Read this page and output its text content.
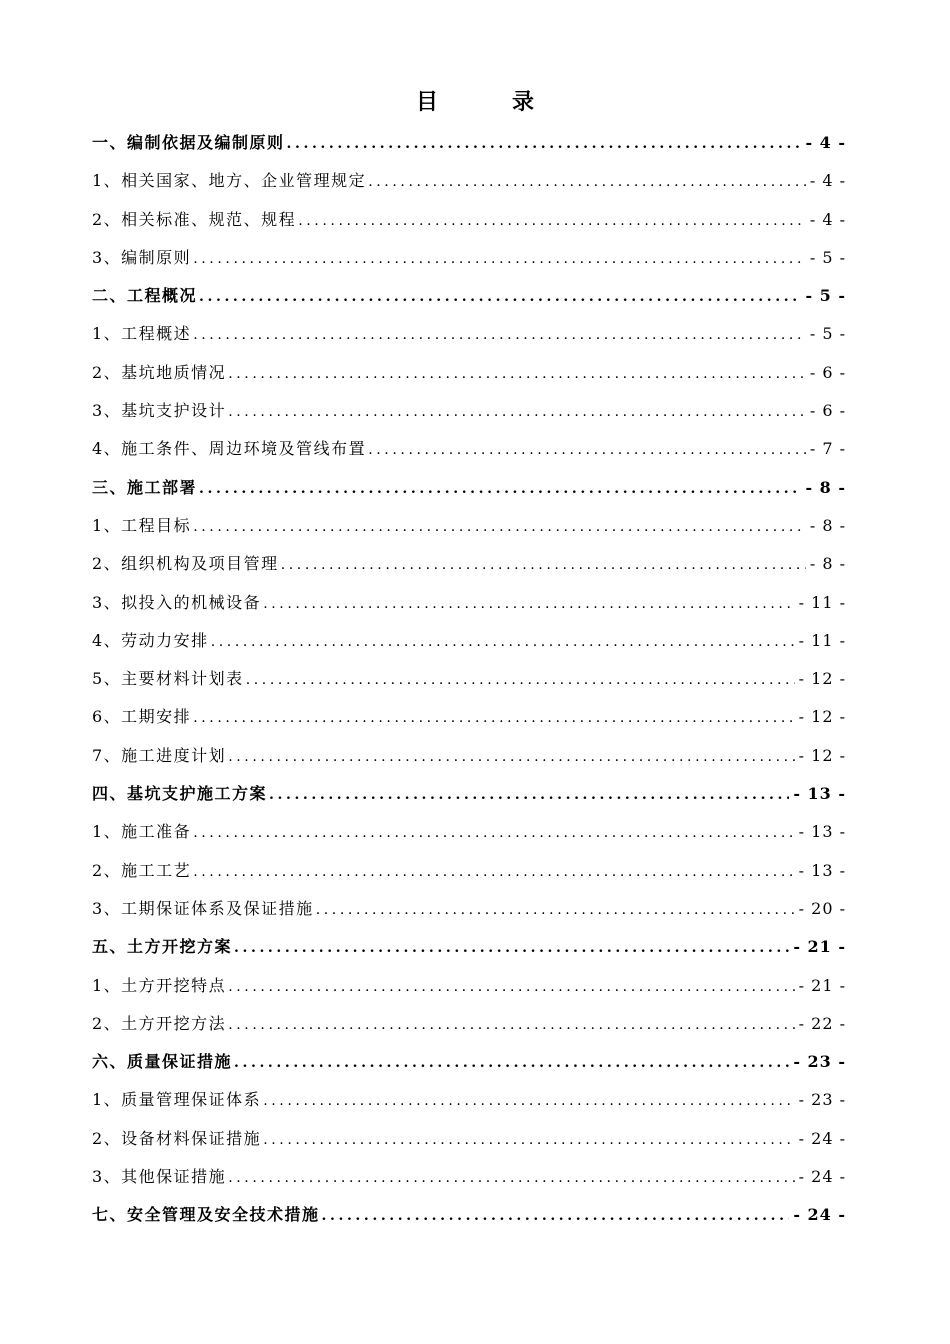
目　录
一、编制依据及编制原则 .....	- 4 -
1、相关国家、地方、企业管理规定 .....	- 4 -
2、相关标准、规范、规程 .....	- 4 -
3、编制原则 .....	- 5 -
二、工程概况 .....	- 5 -
1、工程概述 .....	- 5 -
2、基坑地质情况 .....	- 6 -
3、基坑支护设计 .....	- 6 -
4、施工条件、周边环境及管线布置 .....	- 7 -
三、施工部署 .....	- 8 -
1、工程目标 .....	- 8 -
2、组织机构及项目管理 .....	- 8 -
3、拟投入的机械设备 .....	- 11 -
4、劳动力安排 .....	- 11 -
5、主要材料计划表 .....	- 12 -
6、工期安排 .....	- 12 -
7、施工进度计划 .....	- 12 -
四、基坑支护施工方案 .....	- 13 -
1、施工准备 .....	- 13 -
2、施工工艺 .....	- 13 -
3、工期保证体系及保证措施 .....	- 20 -
五、土方开挖方案 .....	- 21 -
1、土方开挖特点 .....	- 21 -
2、土方开挖方法 .....	- 22 -
六、质量保证措施 .....	- 23 -
1、质量管理保证体系 .....	- 23 -
2、设备材料保证措施 .....	- 24 -
3、其他保证措施 .....	- 24 -
七、安全管理及安全技术措施 .....	- 24 -
